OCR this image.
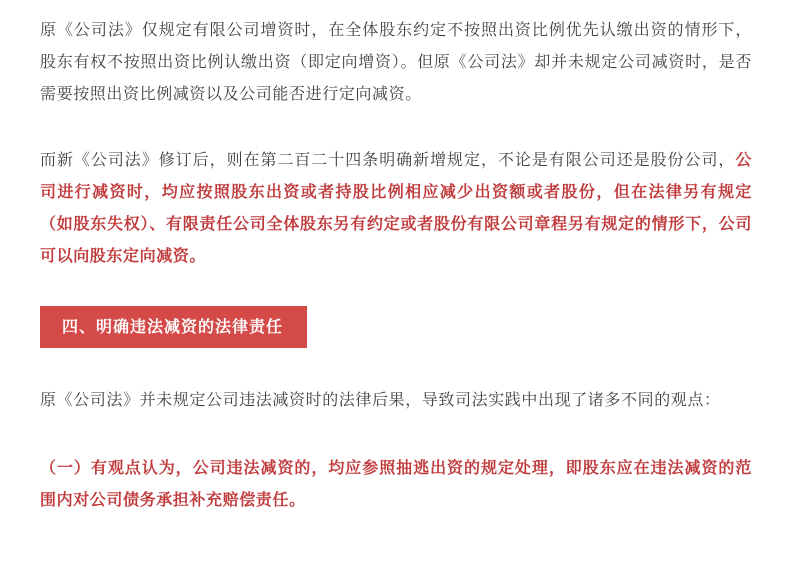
原《公司法》仅规定有限公司增资时，在全体股东约定不按照出资比例优先认缴出资的情形下，股东有权不按照出资比例认缴出资（即定向增资）。但原《公司法》却并未规定公司减资时，是否需要按照出资比例减资以及公司能否进行定向减资。

而新《公司法》修订后，则在第二百二十四条明确新增规定，不论是有限公司还是股份公司，公司进行减资时，均应按照股东出资或者持股比例相应减少出资额或者股份，但在法律另有规定（如股东失权）、有限责任公司全体股东另有约定或者股份有限公司章程另有规定的情形下，公司可以向股东定向减资。

四、明确违法减资的法律责任

原《公司法》并未规定公司违法减资时的法律后果，导致司法实践中出现了诸多不同的观点：

（一）有观点认为，公司违法减资的，均应参照抽逃出资的规定处理，即股东应在违法减资的范围内对公司债务承担补充赔偿责任。
